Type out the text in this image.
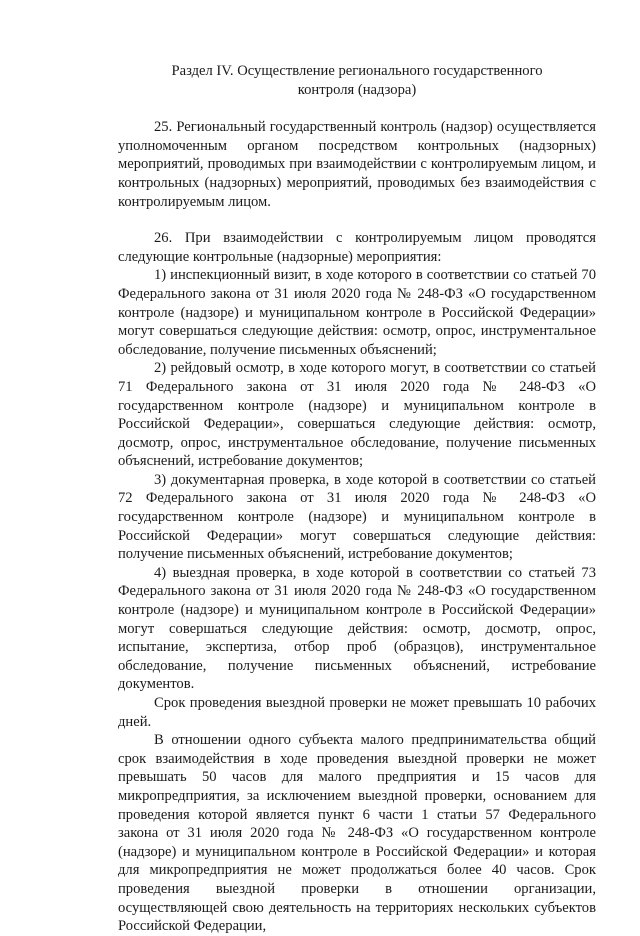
Раздел IV. Осуществление регионального государственного
контроля (надзора)

25. Региональный государственный контроль (надзор) осуществляется уполномоченным органом посредством контрольных (надзорных) мероприятий, проводимых при взаимодействии с контролируемым лицом, и контрольных (надзорных) мероприятий, проводимых без взаимодействия с контролируемым лицом.

26. При взаимодействии с контролируемым лицом проводятся следующие контрольные (надзорные) мероприятия:

1) инспекционный визит, в ходе которого в соответствии со статьей 70 Федерального закона от 31 июля 2020 года № 248-ФЗ «О государственном контроле (надзоре) и муниципальном контроле в Российской Федерации» могут совершаться следующие действия: осмотр, опрос, инструментальное обследование, получение письменных объяснений;

2) рейдовый осмотр, в ходе которого могут, в соответствии со статьей 71 Федерального закона от 31 июля 2020 года № 248-ФЗ «О государственном контроле (надзоре) и муниципальном контроле в Российской Федерации», совершаться следующие действия: осмотр, досмотр, опрос, инструментальное обследование, получение письменных объяснений, истребование документов;

3) документарная проверка, в ходе которой в соответствии со статьей 72 Федерального закона от 31 июля 2020 года № 248-ФЗ «О государственном контроле (надзоре) и муниципальном контроле в Российской Федерации» могут совершаться следующие действия: получение письменных объяснений, истребование документов;

4) выездная проверка, в ходе которой в соответствии со статьей 73 Федерального закона от 31 июля 2020 года № 248-ФЗ «О государственном контроле (надзоре) и муниципальном контроле в Российской Федерации» могут совершаться следующие действия: осмотр, досмотр, опрос, испытание, экспертиза, отбор проб (образцов), инструментальное обследование, получение письменных объяснений, истребование документов.

Срок проведения выездной проверки не может превышать 10 рабочих дней.

В отношении одного субъекта малого предпринимательства общий срок взаимодействия в ходе проведения выездной проверки не может превышать 50 часов для малого предприятия и 15 часов для микропредприятия, за исключением выездной проверки, основанием для проведения которой является пункт 6 части 1 статьи 57 Федерального закона от 31 июля 2020 года № 248-ФЗ «О государственном контроле (надзоре) и муниципальном контроле в Российской Федерации» и которая для микропредприятия не может продолжаться более 40 часов. Срок проведения выездной проверки в отношении организации, осуществляющей свою деятельность на территориях нескольких субъектов Российской Федерации,
